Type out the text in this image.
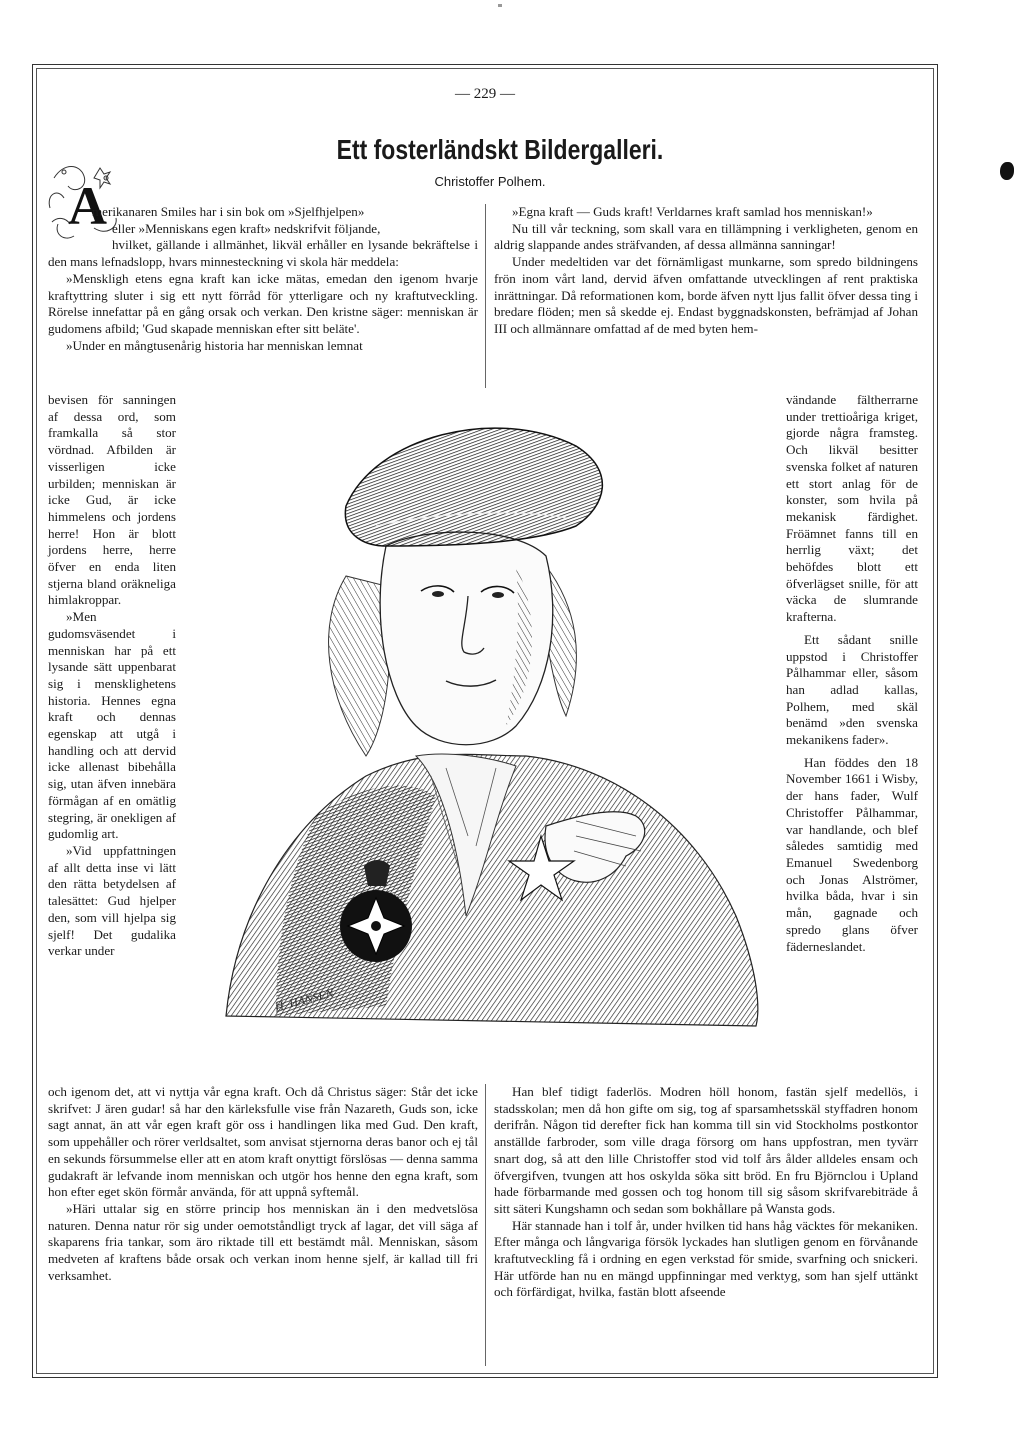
— 229 —
Ett fosterländskt Bildergalleri.
Christoffer Polhem.
A

merikanaren Smiles har i sin bok om »Sjelfhjelpen»

eller »Menniskans egen kraft» nedskrifvit följande,

hvilket, gällande i allmänhet, likväl erhåller en lysande bekräftelse i den mans lefnadslopp, hvars minnesteckning vi skola här meddela:

»Menskligh etens egna kraft kan icke mätas, emedan den igenom hvarje kraftyttring sluter i sig ett nytt förråd för ytterligare och ny kraftutveckling. Rörelse innefattar på en gång orsak och verkan. Den kristne säger: menniskan är gudomens afbild; 'Gud skapade menniskan efter sitt beläte'.

»Under en mångtusenårig historia har menniskan lemnat

bevisen för sanningen af dessa ord, som framkalla så stor vördnad. Afbilden är visserligen icke urbilden; menniskan är icke Gud, är icke himmelens och jordens herre! Hon är blott jordens herre, herre öfver en enda liten stjerna bland oräkneliga himlakroppar.

»Men gudomsväsendet i menniskan har på ett lysande sätt uppenbarat sig i mensklighetens historia. Hennes egna kraft och dennas egenskap att utgå i handling och att dervid icke allenast bibehålla sig, utan äfven innebära förmågan af en omätlig stegring, är onekligen af gudomlig art.

»Vid uppfattningen af allt detta inse vi lätt den rätta betydelsen af talesättet: Gud hjelper den, som vill hjelpa sig sjelf! Det gudalika verkar under

och igenom det, att vi nyttja vår egna kraft. Och då Christus säger: Står det icke skrifvet: J ären gudar! så har den kärleksfulle vise från Nazareth, Guds son, icke sagt annat, än att vår egen kraft gör oss i handlingen lika med Gud. Den kraft, som uppehåller och rörer verldsaltet, som anvisat stjernorna deras banor och ej tål en sekunds försummelse eller att en atom kraft onyttigt förslösas — denna samma gudakraft är lefvande inom menniskan och utgör hos henne den egna kraft, som hon efter eget skön förmår använda, för att uppnå syftemål.

»Häri uttalar sig en större princip hos menniskan än i den medvetslösa naturen. Denna natur rör sig under oemotståndligt tryck af lagar, det vill säga af skaparens fria tankar, som äro riktade till ett bestämdt mål. Menniskan, såsom medveten af kraftens både orsak och verkan inom henne sjelf, är kallad till fri verksamhet.

»Egna kraft — Guds kraft! Verldarnes kraft samlad hos menniskan!»

Nu till vår teckning, som skall vara en tillämpning i verkligheten, genom en aldrig slappande andes sträfvanden, af dessa allmänna sanningar!

Under medeltiden var det förnämligast munkarne, som spredo bildningens frön inom vårt land, dervid äfven omfattande utvecklingen af rent praktiska inrättningar. Då reformationen kom, borde äfven nytt ljus fallit öfver dessa ting i bredare flöden; men så skedde ej. Endast byggnadskonsten, befrämjad af Johan III och allmännare omfattad af de med byten hem-

vändande fältherrarne under trettioåriga kriget, gjorde några framsteg. Och likväl besitter svenska folket af naturen ett stort anlag för de konster, som hvila på mekanisk färdighet. Fröämnet fanns till en herrlig växt; det behöfdes blott ett öfverlägset snille, för att väcka de slumrande krafterna.

Ett sådant snille uppstod i Christoffer Pålhammar eller, såsom han adlad kallas, Polhem, med skäl benämd »den svenska mekanikens fader».

Han föddes den 18 November 1661 i Wisby, der hans fader, Wulf Christoffer Pålhammar, var handlande, och blef således samtidig med Emanuel Swedenborg och Jonas Alströmer, hvilka båda, hvar i sin mån, gagnade och spredo glans öfver fäderneslandet.

Han blef tidigt faderlös. Modren höll honom, fastän sjelf medellös, i stadsskolan; men då hon gifte om sig, tog af sparsamhetsskäl styffadren honom derifrån. Någon tid derefter fick han komma till sin vid Stockholms postkontor anställde farbroder, som ville draga försorg om hans uppfostran, men tyvärr snart dog, så att den lille Christoffer stod vid tolf års ålder alldeles ensam och öfvergifven, tvungen att hos oskylda söka sitt bröd. En fru Björnclou i Upland hade förbarmande med gossen och tog honom till sig såsom skrifvarebiträde å sitt säteri Kungshamn och sedan som bokhållare på Wansta gods.

Här stannade han i tolf år, under hvilken tid hans håg väcktes för mekaniken. Efter många och långvariga försök lyckades han slutligen genom en förvånande kraftutveckling få i ordning en egen verkstad för smide, svarfning och snickeri. Här utförde han nu en mängd uppfinningar med verktyg, som han sjelf uttänkt och förfärdigat, hvilka, fastän blott afseende

H. HANSEN
